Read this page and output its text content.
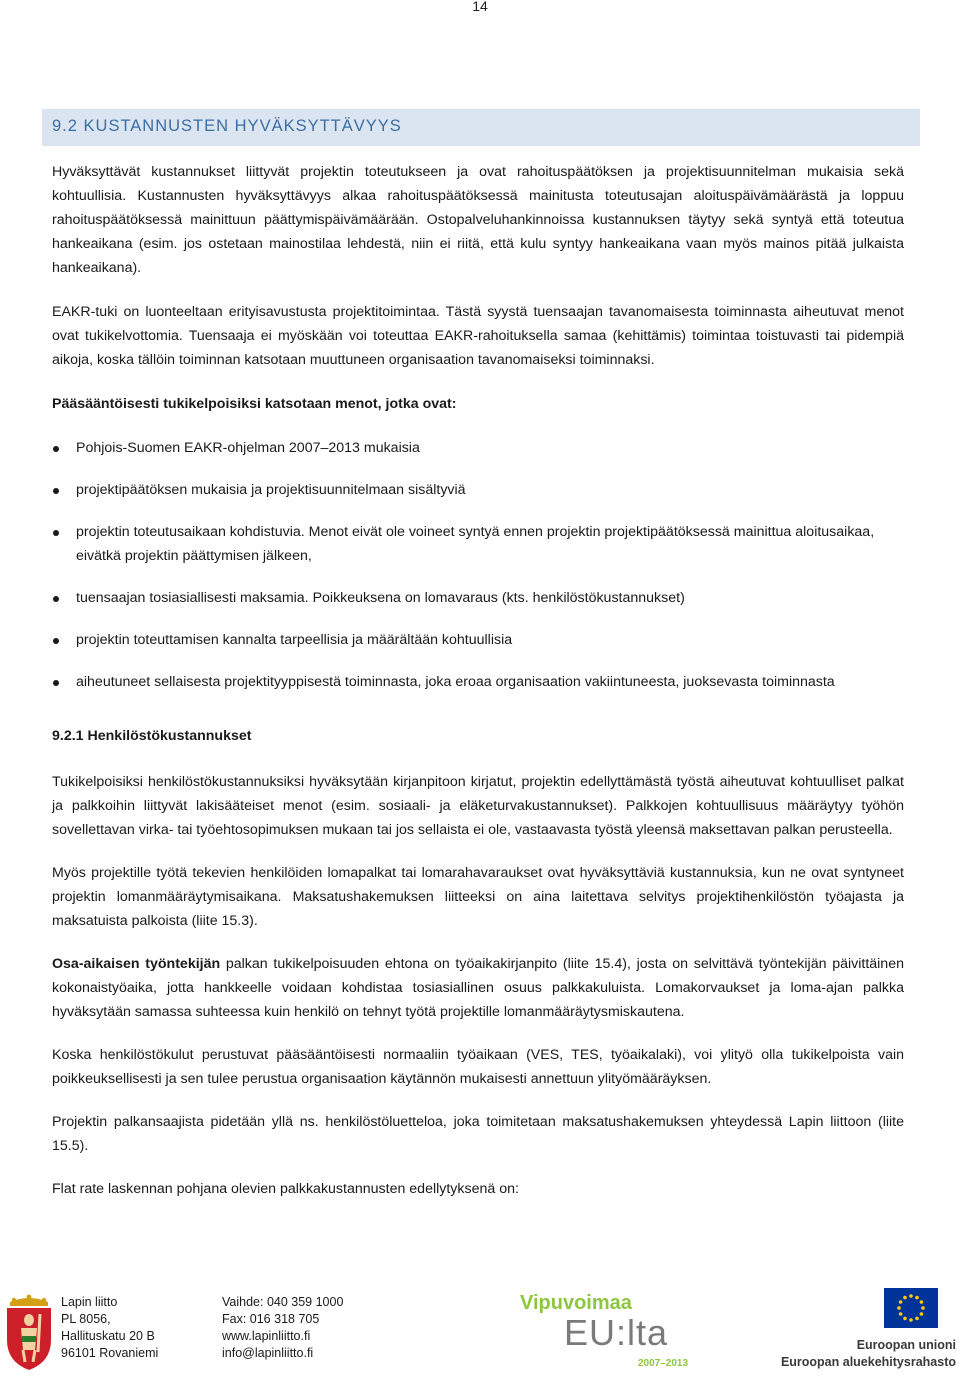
14
9.2 KUSTANNUSTEN HYVÄKSYTTÄVYYS

Hyväksyttävät kustannukset liittyvät projektin toteutukseen ja ovat rahoituspäätöksen ja projektisuunnitelman mukaisia sekä kohtuullisia. Kustannusten hyväksyttävyys alkaa rahoituspäätöksessä mainitusta toteutusajan aloituspäivämäärästä ja loppuu rahoituspäätöksessä mainittuun päättymispäivämäärään. Ostopalveluhankinnoissa kustannuksen täytyy sekä syntyä että toteutua hankeaikana (esim. jos ostetaan mainostilaa lehdestä, niin ei riitä, että kulu syntyy hankeaikana vaan myös mainos pitää julkaista hankeaikana).

EAKR-tuki on luonteeltaan erityisavustusta projektitoimintaa. Tästä syystä tuensaajan tavanomaisesta toiminnasta aiheutuvat menot ovat tukikelvottomia. Tuensaaja ei myöskään voi toteuttaa EAKR-rahoituksella samaa (kehittämis) toimintaa toistuvasti tai pidempiä aikoja, koska tällöin toiminnan katsotaan muuttuneen organisaation tavanomaiseksi toiminnaksi.

Pääsääntöisesti tukikelpoisiksi katsotaan menot, jotka ovat:

Pohjois-Suomen EAKR-ohjelman 2007–2013 mukaisia
projektipäätöksen mukaisia ja projektisuunnitelmaan sisältyviä
projektin toteutusaikaan kohdistuvia. Menot eivät ole voineet syntyä ennen projektin projektipäätöksessä mainittua aloitusaikaa, eivätkä projektin päättymisen jälkeen,
tuensaajan tosiasiallisesti maksamia. Poikkeuksena on lomavaraus (kts. henkilöstökustannukset)
projektin toteuttamisen kannalta tarpeellisia ja määrältään kohtuullisia
aiheutuneet sellaisesta projektityyppisestä toiminnasta, joka eroaa organisaation vakiintuneesta, juoksevasta toiminnasta
9.2.1 Henkilöstökustannukset

Tukikelpoisiksi henkilöstökustannuksiksi hyväksytään kirjanpitoon kirjatut, projektin edellyttämästä työstä aiheutuvat kohtuulliset palkat ja palkkoihin liittyvät lakisääteiset menot (esim. sosiaali- ja eläketurvakustannukset). Palkkojen kohtuullisuus määräytyy työhön sovellettavan virka- tai työehtosopimuksen mukaan tai jos sellaista ei ole, vastaavasta työstä yleensä maksettavan palkan perusteella.

Myös projektille työtä tekevien henkilöiden lomapalkat tai lomarahavaraukset ovat hyväksyttäviä kustannuksia, kun ne ovat syntyneet projektin lomanmääräytymisaikana. Maksatushakemuksen liitteeksi on aina laitettava selvitys projektihenkilöstön työajasta ja maksatuista palkoista (liite 15.3).

Osa-aikaisen työntekijän palkan tukikelpoisuuden ehtona on työaikakirjanpito (liite 15.4), josta on selvittävä työntekijän päivittäinen kokonaistyöaika, jotta hankkeelle voidaan kohdistaa tosiasiallinen osuus palkkakuluista. Lomakorvaukset ja loma-ajan palkka hyväksytään samassa suhteessa kuin henkilö on tehnyt työtä projektille lomanmääräytysmiskautena.

Koska henkilöstökulut perustuvat pääsääntöisesti normaaliin työaikaan (VES, TES, työaikalaki), voi ylityö olla tukikelpoista vain poikkeuksellisesti ja sen tulee perustua organisaation käytännön mukaisesti annettuun ylityömääräyksen.

Projektin palkansaajista pidetään yllä ns. henkilöstöluetteloa, joka toimitetaan maksatushakemuksen yhteydessä Lapin liittoon (liite 15.5).

Flat rate laskennan pohjana olevien palkkakustannusten edellytyksenä on:

Lapin liitto
PL 8056,
Hallituskatu 20 B
96101 Rovaniemi
Vaihde: 040 359 1000
Fax: 016 318 705
www.lapinliitto.fi
info@lapinliitto.fi
Vipuvoimaa
EU:lta
2007–2013
Euroopan unioni
Euroopan aluekehitysrahasto
